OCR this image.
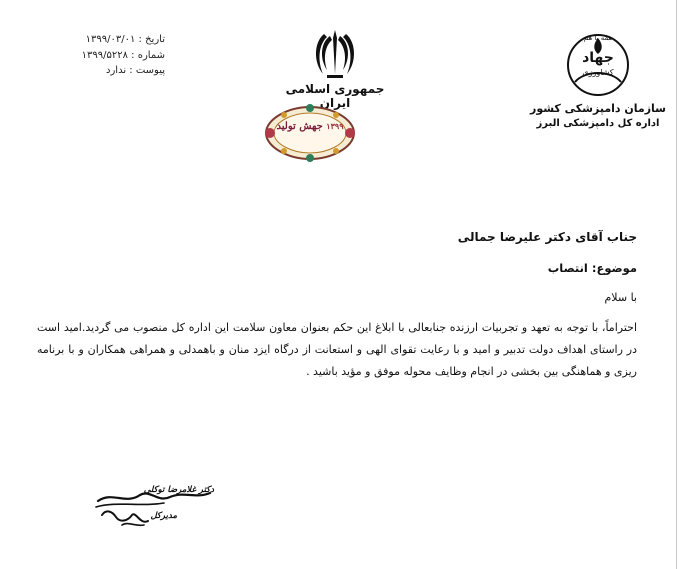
تاریخ : ۱۳۹۹/۰۳/۰۱
شماره : ۱۳۹۹/۵۲۲۸
پیوست : ندارد
جمهوری اسلامی ایران
۱۳۹۹ جهش تولید
همه با هم
جهاد
کشاورزی
سازمان دامپزشکی کشور
اداره کل دامپزشکی البرز
جناب آقای دکتر علیرضا جمالی
موضوع: انتصاب
با سلام
احتراماً، با توجه به تعهد و تجربیات ارزنده جنابعالی با ابلاغ این حکم بعنوان معاون سلامت این اداره کل منصوب می گردید.امید است در راستای اهداف دولت تدبیر و امید و با رعایت تقوای الهی و استعانت از درگاه ایزد منان و باهمدلی و همراهی همکاران و با برنامه ریزی و هماهنگی بین بخشی در انجام وظایف محوله موفق و مؤید باشید .
دکتر غلامرضا توکلی
مدیرکل
